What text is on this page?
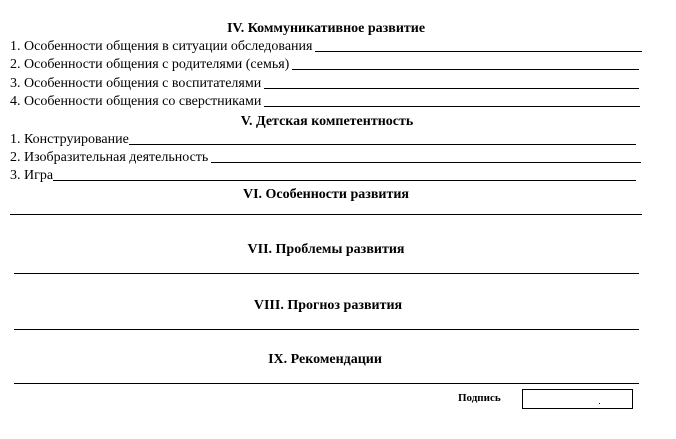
IV. Коммуникативное развитие
1. Особенности общения в ситуации обследования
2. Особенности общения с родителями (семья)
3. Особенности общения с воспитателями
4. Особенности общения со сверстниками
V. Детская компетентность
1. Конструирование
2. Изобразительная деятельность
3. Игра
VI. Особенности развития
VII. Проблемы развития
VIII. Прогноз развития
IX. Рекомендации
Подпись
